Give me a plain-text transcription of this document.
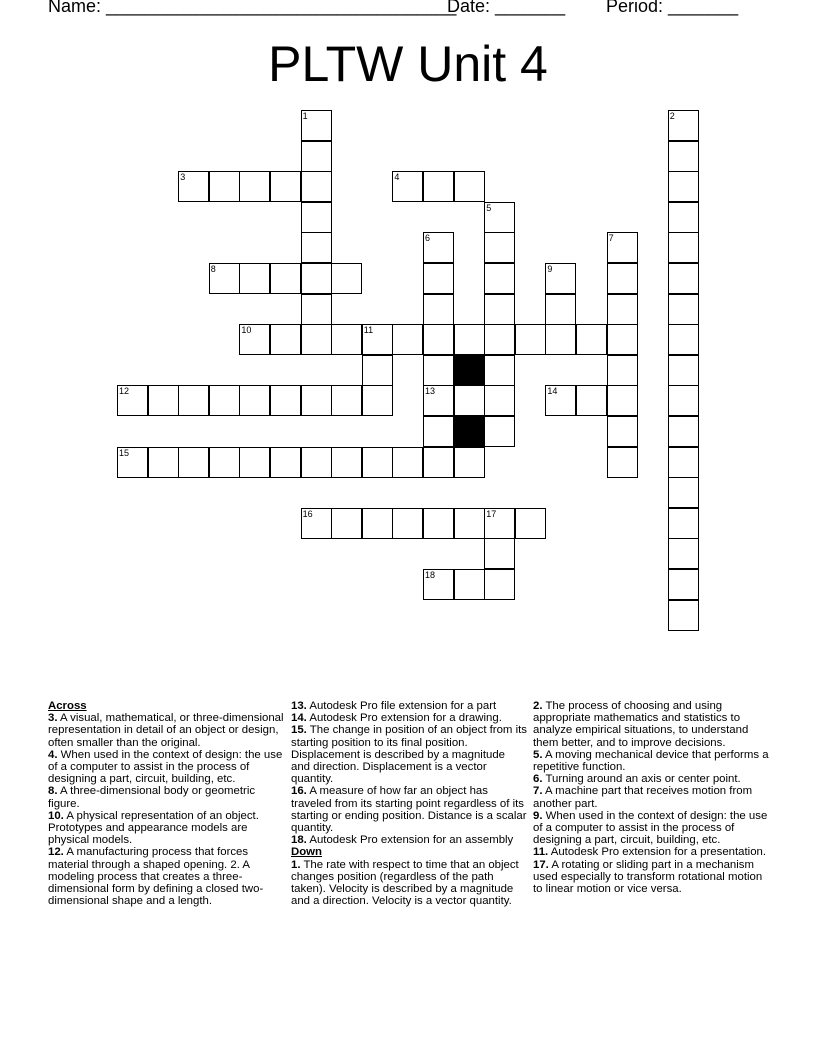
Name: ___________________________________

Date: _______

Period: _______

PLTW Unit 4
1
3	4
5
6
13
7
8	9
10	11
12	14
15
16	17
18
2

Across

3. A visual, mathematical, or three-dimensional representation in detail of an object or design, often smaller than the original.

4. When used in the context of design: the use of a computer to assist in the process of designing a part, circuit, building, etc.

8. A three-dimensional body or geometric figure.

10. A physical representation of an object. Prototypes and appearance models are physical models.

12. A manufacturing process that forces material through a shaped opening. 2. A modeling process that creates a three-dimensional form by defining a closed two-dimensional shape and a length.

13. Autodesk Pro file extension for a part

14. Autodesk Pro extension for a drawing.

15. The change in position of an object from its starting position to its final position. Displacement is described by a magnitude and direction. Displacement is a vector quantity.

16. A measure of how far an object has traveled from its starting point regardless of its starting or ending position. Distance is a scalar quantity.

18. Autodesk Pro extension for an assembly

Down

1. The rate with respect to time that an object changes position (regardless of the path taken). Velocity is described by a magnitude and a direction. Velocity is a vector quantity.

2. The process of choosing and using appropriate mathematics and statistics to analyze empirical situations, to understand them better, and to improve decisions.

5. A moving mechanical device that performs a repetitive function.

6. Turning around an axis or center point.

7. A machine part that receives motion from another part.

9. When used in the context of design: the use of a computer to assist in the process of designing a part, circuit, building, etc.

11. Autodesk Pro extension for a presentation.

17. A rotating or sliding part in a mechanism used especially to transform rotational motion to linear motion or vice versa.
